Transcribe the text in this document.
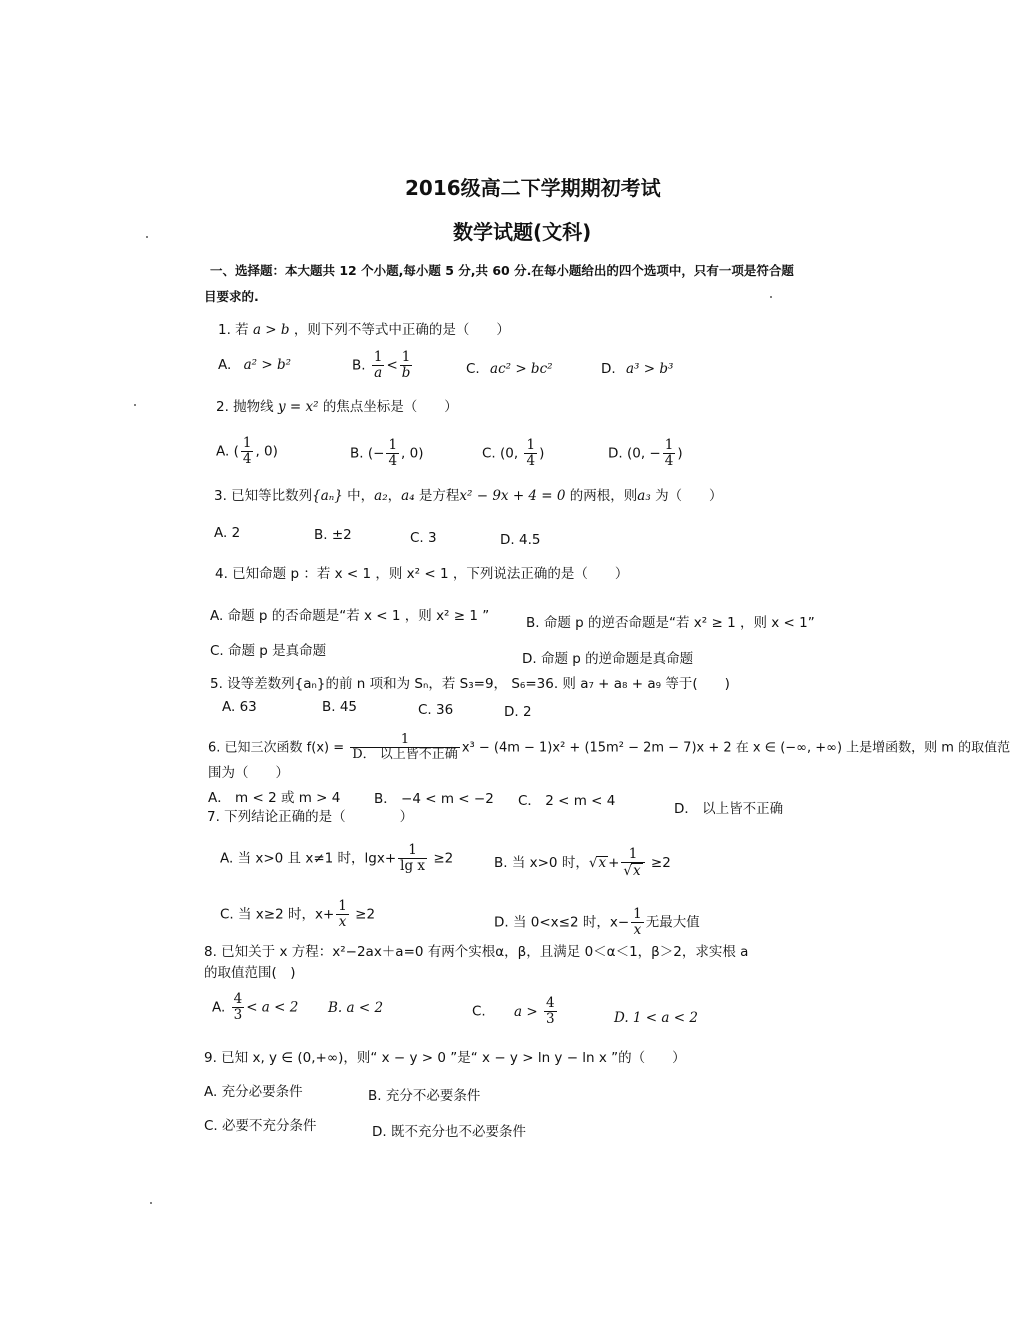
2016级高二下学期期初考试
数学试题(文科)
一、选择题：本大题共 12 个小题,每小题 5 分,共 60 分.在每小题给出的四个选项中，只有一项是符合题
目要求的.
1. 若 a > b ，则下列不等式中正确的是（　　）
A. a² > b²	B. $\frac{1}{a} < \frac{1}{b}$	C. ac² > bc²	D. a³ > b³
2. 抛物线 y = x² 的焦点坐标是（　　）
A. ( $\frac{1}{4}$ , 0)	B. (− $\frac{1}{4}$ , 0)	C. (0, $\frac{1}{4}$ )	D. (0, − $\frac{1}{4}$ )
3. 已知等比数列{aₙ} 中，a₂，a₄ 是方程x² − 9x + 4 = 0 的两根，则a₃ 为（　　）
A. 2	B. ±2	C. 3	D. 4.5
4. 已知命题 p ：若 x < 1 ，则 x² < 1 ，下列说法正确的是（　　）
A. 命题 p 的否命题是“若 x < 1 ，则 x² ≥ 1 ”	B. 命题 p 的逆否命题是“若 x² ≥ 1 ，则 x < 1”
C. 命题 p 是真命题	D. 命题 p 的逆命题是真命题
5. 设等差数列{aₙ}的前 n 项和为 Sₙ，若 S₃=9， S₆=36. 则 a₇ + a₈ + a₉ 等于(　　)
A. 63	B. 45	C. 36	D. 2
6. 已知三次函数 $f(x) = \frac{1}{\text{D． 以上皆不正确}} x^3 - (4m - 1)x^2 + (15m^2 - 2m - 7)x + 2$ 在 x ∈ (−∞, +∞) 上是增函数，则 m 的取值范
围为（　　）
A． m < 2 或 m > 4 B． −4 < m < −2 C． 2 < m < 4	D． 以上皆不正确
7. 下列结论正确的是（　　　　）
A. 当 x>0 且 x≠1 时，$\lg x+ \frac{1}{\text{lg x}} \ge 2$	B. 当 x>0 时，$√x + \frac{1}{√x} \ge 2$
C. 当 x≥2 时，$x+ \frac{1}{x} \ge 2$	D. 当 0<x≤2 时，$x- \frac{1}{x}$ 无最大值
8. 已知关于 x 方程：x²−2ax＋a=0 有两个实根α，β，且满足 0＜α＜1，β＞2，求实根 a
的取值范围(　)
A. $\frac{4}{3} < a < 2$ B. a < 2	C. $a > \frac{4}{3}$	D. 1 < a < 2
9. 已知 x, y ∈ (0,+∞)，则“ x − y > 0 ”是“ x − y > ln y − ln x ”的（　　）
A. 充分必要条件	B. 充分不必要条件
C. 必要不充分条件	D. 既不充分也不必要条件
